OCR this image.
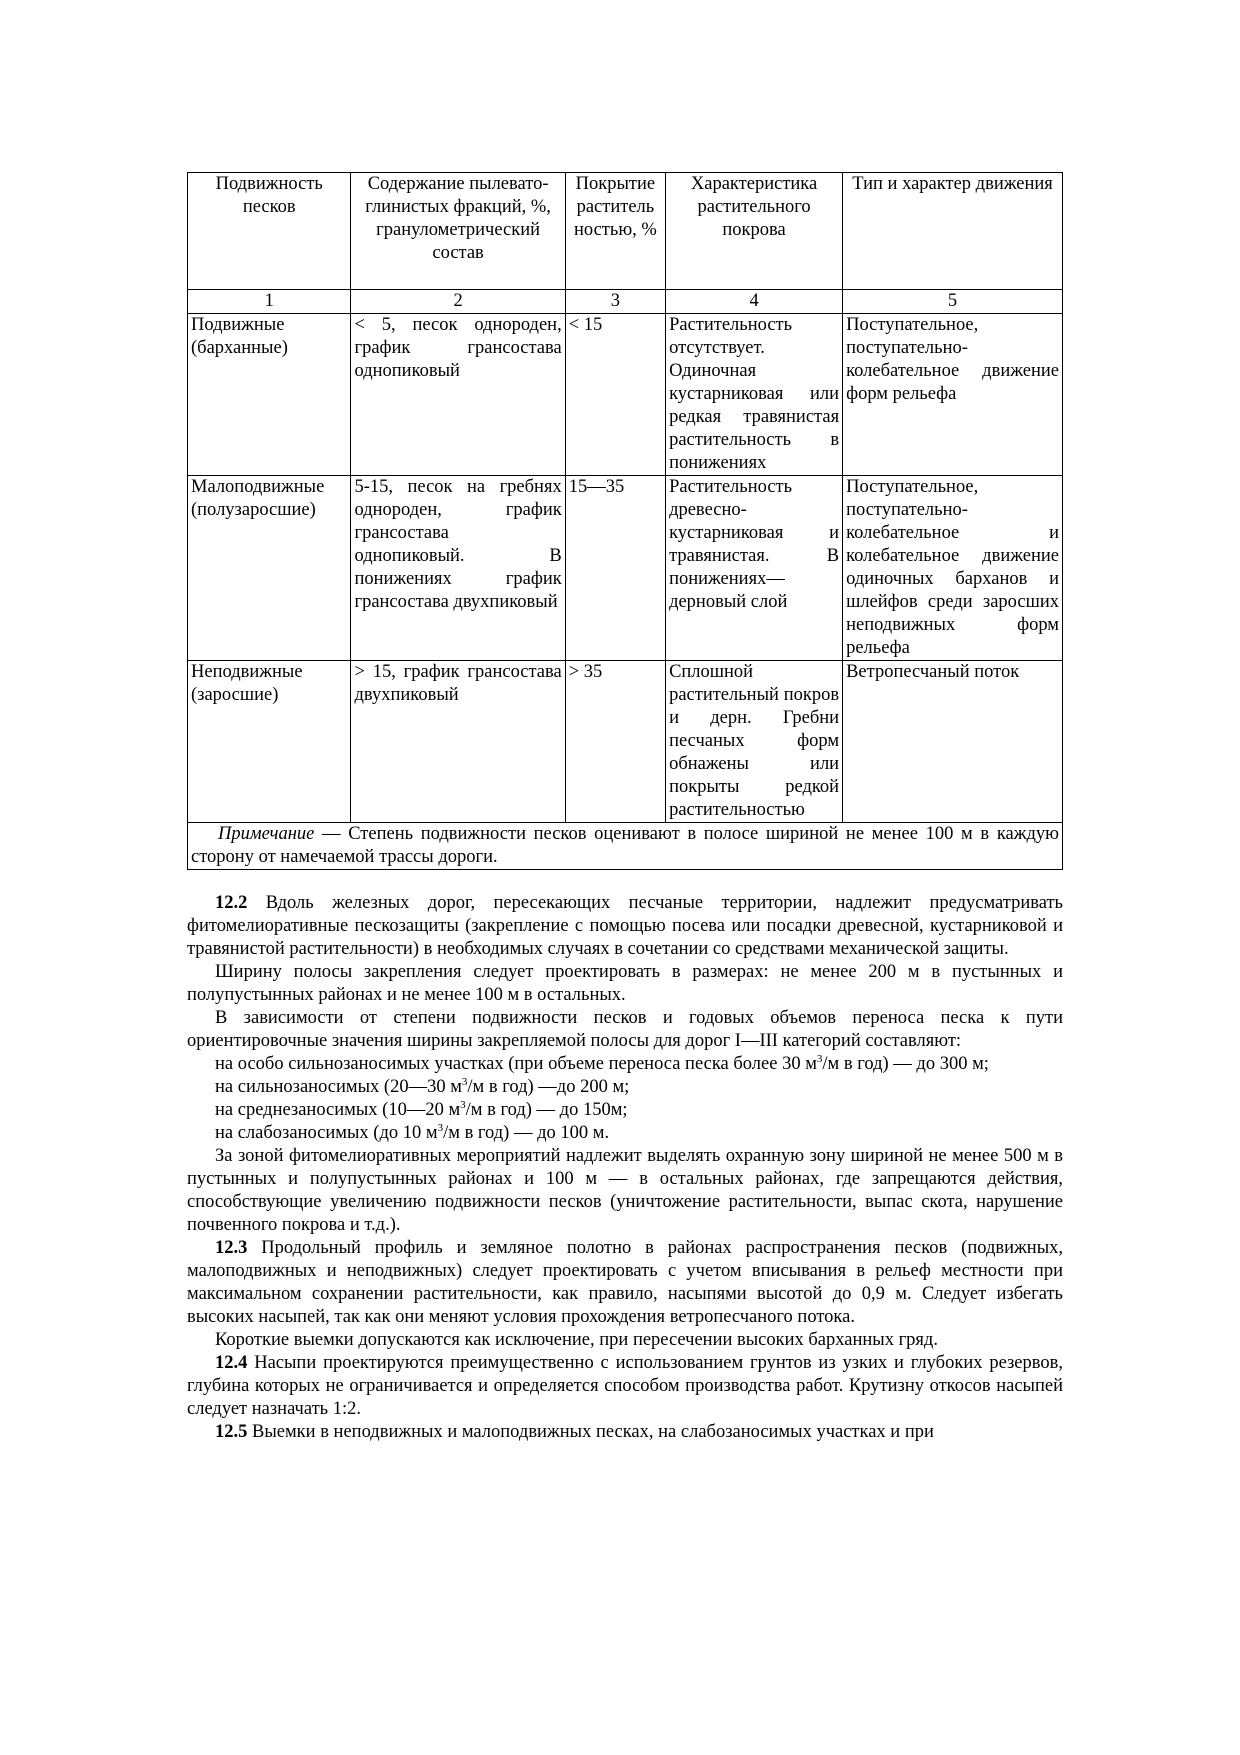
Подвижность песков	Содержание пылевато-глинистых фракций, %, гранулометрический состав	Покрытие раститель ностью, %	Характеристика растительного покрова	Тип и характер движения
1	2	3	4	5
Подвижные (барханные)	< 5, песок однороден, график грансостава однопиковый	< 15	Растительность отсутствует. Одиночная кустарниковая или редкая травянистая растительность в понижениях	Поступательное, поступательно-колебательное движение форм рельефа
Малоподвижные (полузаросшие)	5-15, песок на гребнях однороден, график грансостава однопиковый. В понижениях график грансостава двухпиковый	15—35	Растительность древесно-кустарниковая и травянистая. В понижениях—дерновый слой	Поступательное, поступательно-колебательное и колебательное движение одиночных барханов и шлейфов среди заросших неподвижных форм рельефа
Неподвижные (заросшие)	> 15, график грансостава двухпиковый	> 35	Сплошной растительный покров и дерн. Гребни песчаных форм обнажены или покрыты редкой растительностью	Ветропесчаный поток
Примечание — Степень подвижности песков оценивают в полосе шириной не менее 100 м в каждую сторону от намечаемой трассы дороги.				

12.2 Вдоль железных дорог, пересекающих песчаные территории, надлежит предусматривать фитомелиоративные пескозащиты (закрепление с помощью посева или посадки древесной, кустарниковой и травянистой растительности) в необходимых случаях в сочетании со средствами механической защиты.

Ширину полосы закрепления следует проектировать в размерах: не менее 200 м в пустынных и полупустынных районах и не менее 100 м в остальных.

В зависимости от степени подвижности песков и годовых объемов переноса песка к пути ориентировочные значения ширины закрепляемой полосы для дорог I—III категорий составляют:

на особо сильнозаносимых участках (при объеме переноса песка более 30 $м^3/м$ в год) — до 300 м;

на сильнозаносимых (20—30 $м^3/м$ в год) —до 200 м;

на среднезаносимых (10—20 $м^3/м$ в год) — до 150м;

на слабозаносимых (до 10 $м^3/м$ в год) — до 100 м.

За зоной фитомелиоративных мероприятий надлежит выделять охранную зону шириной не менее 500 м в пустынных и полупустынных районах и 100 м — в остальных районах, где запрещаются действия, способствующие увеличению подвижности песков (уничтожение растительности, выпас скота, нарушение почвенного покрова и т.д.).

12.3 Продольный профиль и земляное полотно в районах распространения песков (подвижных, малоподвижных и неподвижных) следует проектировать с учетом вписывания в рельеф местности при максимальном сохранении растительности, как правило, насыпями высотой до 0,9 м. Следует избегать высоких насыпей, так как они меняют условия прохождения ветропесчаного потока.

Короткие выемки допускаются как исключение, при пересечении высоких барханных гряд.

12.4 Насыпи проектируются преимущественно с использованием грунтов из узких и глубоких резервов, глубина которых не ограничивается и определяется способом производства работ. Крутизну откосов насыпей следует назначать 1:2.

12.5 Выемки в неподвижных и малоподвижных песках, на слабозаносимых участках и при
